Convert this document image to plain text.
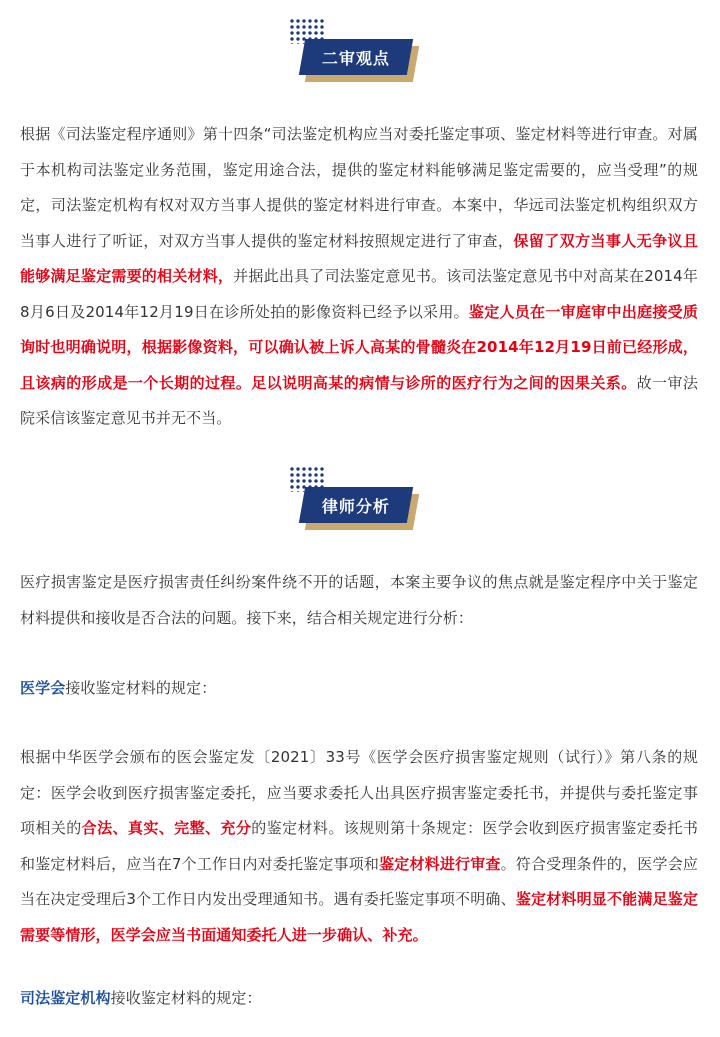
二审观点
根据《司法鉴定程序通则》第十四条“司法鉴定机构应当对委托鉴定事项、鉴定材料等进行审查。对属于本机构司法鉴定业务范围，鉴定用途合法，提供的鉴定材料能够满足鉴定需要的，应当受理”的规定，司法鉴定机构有权对双方当事人提供的鉴定材料进行审查。本案中，华远司法鉴定机构组织双方当事人进行了听证，对双方当事人提供的鉴定材料按照规定进行了审查，保留了双方当事人无争议且能够满足鉴定需要的相关材料，并据此出具了司法鉴定意见书。该司法鉴定意见书中对高某在2014年8月6日及2014年12月19日在诊所处拍的影像资料已经予以采用。鉴定人员在一审庭审中出庭接受质询时也明确说明，根据影像资料，可以确认被上诉人高某的骨髓炎在2014年12月19日前已经形成，且该病的形成是一个长期的过程。足以说明高某的病情与诊所的医疗行为之间的因果关系。故一审法院采信该鉴定意见书并无不当。
律师分析
医疗损害鉴定是医疗损害责任纠纷案件绕不开的话题，本案主要争议的焦点就是鉴定程序中关于鉴定材料提供和接收是否合法的问题。接下来，结合相关规定进行分析：
医学会接收鉴定材料的规定：
根据中华医学会颁布的医会鉴定发〔2021〕33号《医学会医疗损害鉴定规则（试行）》第八条的规定：医学会收到医疗损害鉴定委托，应当要求委托人出具医疗损害鉴定委托书，并提供与委托鉴定事项相关的合法、真实、完整、充分的鉴定材料。该规则第十条规定：医学会收到医疗损害鉴定委托书和鉴定材料后，应当在7个工作日内对委托鉴定事项和鉴定材料进行审查。符合受理条件的，医学会应当在决定受理后3个工作日内发出受理通知书。遇有委托鉴定事项不明确、鉴定材料明显不能满足鉴定需要等情形，医学会应当书面通知委托人进一步确认、补充。
司法鉴定机构接收鉴定材料的规定：
